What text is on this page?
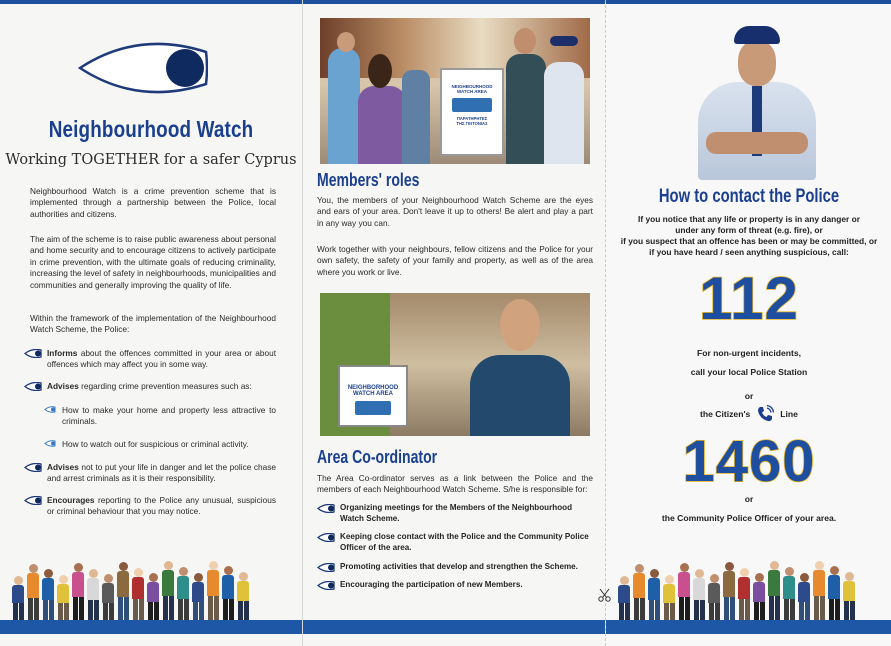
Neighbourhood Watch
Working TOGETHER for a safer Cyprus

Neighbourhood Watch is a crime prevention scheme that is implemented through a partnership between the Police, local authorities and citizens.

The aim of the scheme is to raise public awareness about personal and home security and to encourage citizens to actively participate in crime prevention, with the ultimate goals of reducing criminality, increasing the level of safety in neighbourhoods, municipalities and communities and generally improving the quality of life.

Within the framework of the implementation of the Neighbourhood Watch Scheme, the Police:

Informs about the offences committed in your area or about offences which may affect you in some way.
Advises regarding crime prevention measures such as:
How to make your home and property less attractive to criminals.
How to watch out for suspicious or criminal activity.
Advises not to put your life in danger and let the police chase and arrest criminals as it is their responsibility.
Encourages reporting to the Police any unusual, suspicious or criminal behaviour that you may notice.
NEIGHBOURHOOD
WATCH AREA
ΠΑΡΑΤΗΡΗΤΕΣ
ΤΗΣ ΓΕΙΤΟΝΙΑΣ
Members' roles

You, the members of your Neighbourhood Watch Scheme are the eyes and ears of your area. Don't leave it up to others! Be alert and play a part in any way you can.

Work together with your neighbours, fellow citizens and the Police for your own safety, the safety of your family and property, as well as of the area where you work or live.

NEIGHBORHOOD
WATCH AREA
Area Co-ordinator

The Area Co-ordinator serves as a link between the Police and the members of each Neighbourhood Watch Scheme. S/he is responsible for:

Organizing meetings for the Members of the Neighbourhood Watch Scheme.
Keeping close contact with the Police and the Community Police Officer of the area.
Promoting activities that develop and strengthen the Scheme.
Encouraging the participation of new Members.
How to contact the Police
If you notice that any life or property is in any danger or
under any form of threat (e.g. fire), or
if you suspect that an offence has been or may be committed, or
if you have heard / seen anything suspicious, call:
112
For non-urgent incidents,
call your local Police Station
or
the Citizen's	Line
1460
or
the Community Police Officer of your area.
